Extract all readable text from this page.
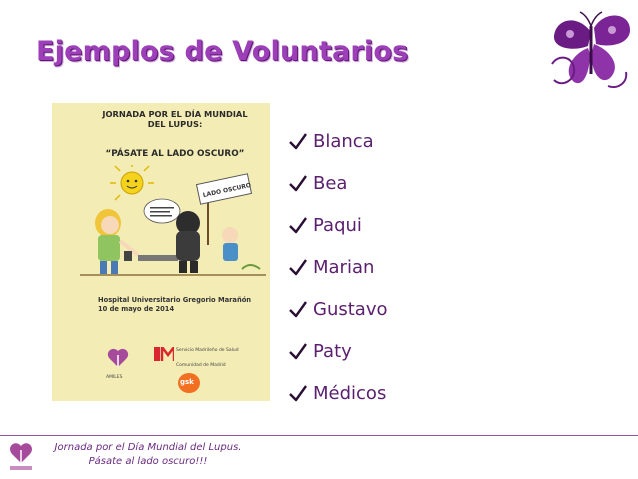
Ejemplos de Voluntarios
JORNADA POR EL DÍA MUNDIAL
DEL LUPUS:
“PÁSATE AL LADO OSCURO”
LADO OSCURO
Hospital Universitario Gregorio Marañón
10 de mayo de 2014
AMILES
Servicio Madrileño de Salud
Comunidad de Madrid
gsk
Blanca
Bea
Paqui
Marian
Gustavo
Paty
Médicos
Jornada por el Día Mundial del Lupus.
Pásate al lado oscuro!!!
